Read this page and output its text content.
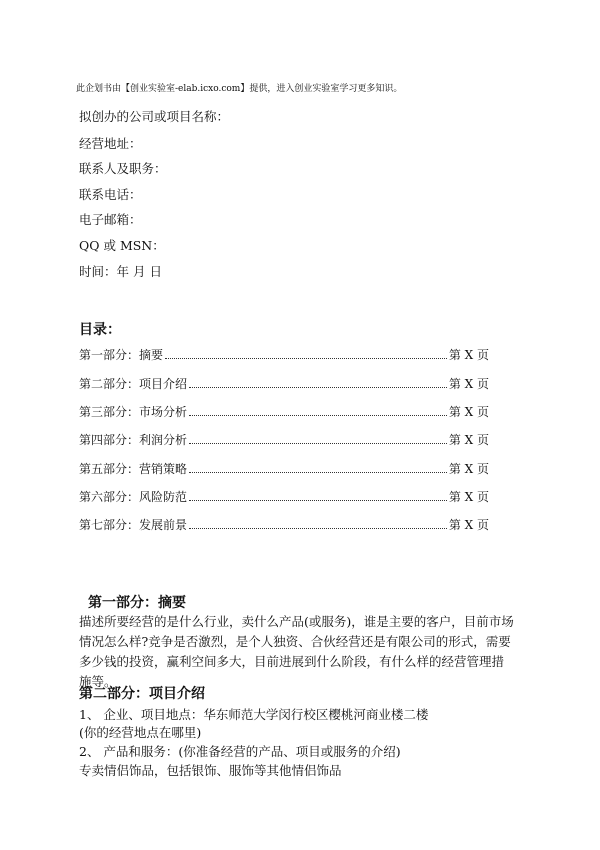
此企划书由【创业实验室-elab.icxo.com】提供，进入创业实验室学习更多知识。
拟创办的公司或项目名称：
经营地址：
联系人及职务：
联系电话：
电子邮箱：
QQ 或 MSN：
时间：年 月 日
目录：
第一部分：摘要	第 X 页
第二部分：项目介绍	第 X 页
第三部分：市场分析	第 X 页
第四部分：利润分析	第 X 页
第五部分：营销策略	第 X 页
第六部分：风险防范	第 X 页
第七部分：发展前景	第 X 页
第一部分：摘要
描述所要经营的是什么行业，卖什么产品(或服务)，谁是主要的客户，目前市场情况怎么样?竞争是否激烈，是个人独资、合伙经营还是有限公司的形式，需要多少钱的投资，赢利空间多大，目前进展到什么阶段，有什么样的经营管理措施等。
第二部分：项目介绍
1、 企业、项目地点：华东师范大学闵行校区樱桃河商业楼二楼
(你的经营地点在哪里)
2、 产品和服务：(你准备经营的产品、项目或服务的介绍)
专卖情侣饰品，包括银饰、服饰等其他情侣饰品
